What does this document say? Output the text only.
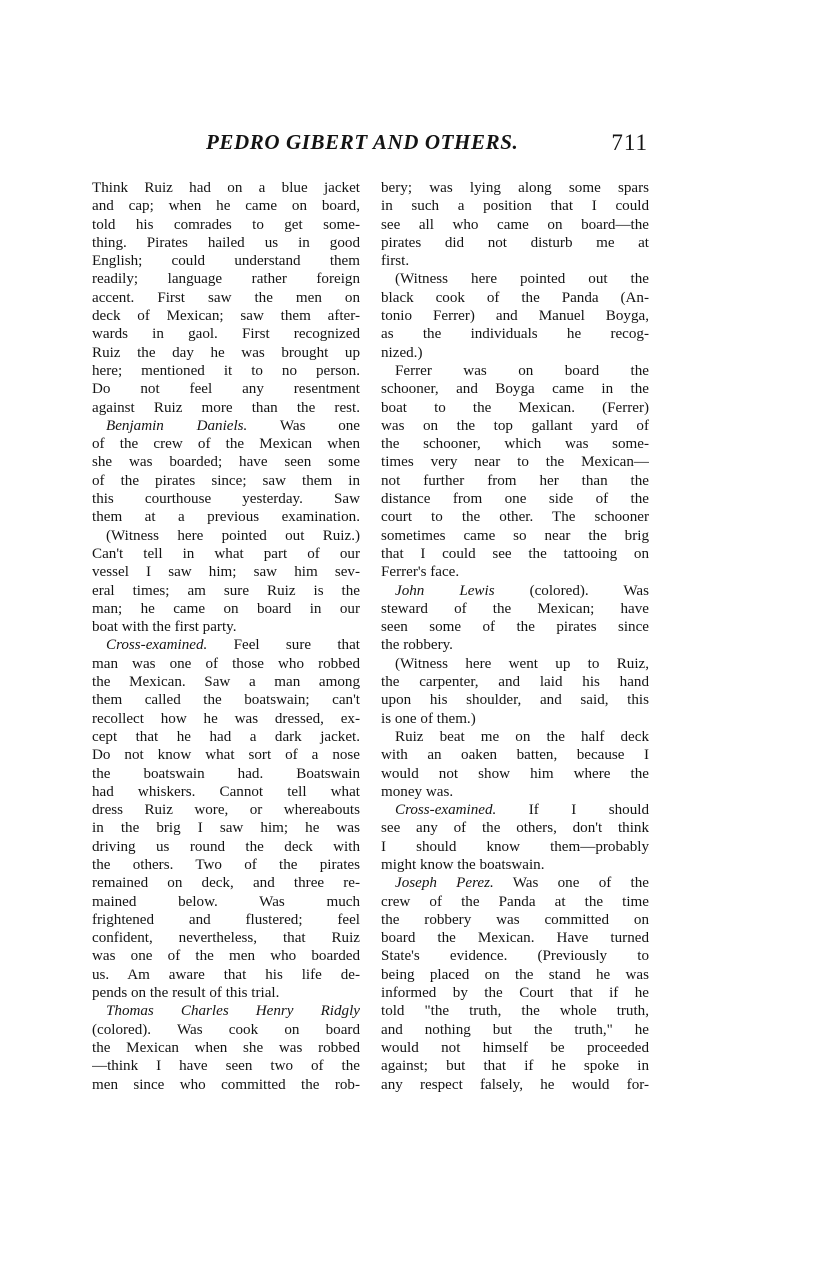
PEDRO GIBERT AND OTHERS.	711
Think Ruiz had on a blue jacket
and cap; when he came on board,
told his comrades to get some-
thing. Pirates hailed us in good
English; could understand them
readily; language rather foreign
accent. First saw the men on
deck of Mexican; saw them after-
wards in gaol. First recognized
Ruiz the day he was brought up
here; mentioned it to no person.
Do not feel any resentment
against Ruiz more than the rest.
Benjamin Daniels. Was one
of the crew of the Mexican when
she was boarded; have seen some
of the pirates since; saw them in
this courthouse yesterday. Saw
them at a previous examination.
(Witness here pointed out Ruiz.)
Can't tell in what part of our
vessel I saw him; saw him sev-
eral times; am sure Ruiz is the
man; he came on board in our
boat with the first party.
Cross-examined. Feel sure that
man was one of those who robbed
the Mexican. Saw a man among
them called the boatswain; can't
recollect how he was dressed, ex-
cept that he had a dark jacket.
Do not know what sort of a nose
the boatswain had. Boatswain
had whiskers. Cannot tell what
dress Ruiz wore, or whereabouts
in the brig I saw him; he was
driving us round the deck with
the others. Two of the pirates
remained on deck, and three re-
mained below. Was much
frightened and flustered; feel
confident, nevertheless, that Ruiz
was one of the men who boarded
us. Am aware that his life de-
pends on the result of this trial.
Thomas Charles Henry Ridgly
(colored). Was cook on board
the Mexican when she was robbed
—think I have seen two of the
men since who committed the rob-
bery; was lying along some spars
in such a position that I could
see all who came on board—the
pirates did not disturb me at
first.
(Witness here pointed out the
black cook of the Panda (An-
tonio Ferrer) and Manuel Boyga,
as the individuals he recog-
nized.)
Ferrer was on board the
schooner, and Boyga came in the
boat to the Mexican. (Ferrer)
was on the top gallant yard of
the schooner, which was some-
times very near to the Mexican—
not further from her than the
distance from one side of the
court to the other. The schooner
sometimes came so near the brig
that I could see the tattooing on
Ferrer's face.
John Lewis (colored). Was
steward of the Mexican; have
seen some of the pirates since
the robbery.
(Witness here went up to Ruiz,
the carpenter, and laid his hand
upon his shoulder, and said, this
is one of them.)
Ruiz beat me on the half deck
with an oaken batten, because I
would not show him where the
money was.
Cross-examined. If I should
see any of the others, don't think
I should know them—probably
might know the boatswain.
Joseph Perez. Was one of the
crew of the Panda at the time
the robbery was committed on
board the Mexican. Have turned
State's evidence. (Previously to
being placed on the stand he was
informed by the Court that if he
told "the truth, the whole truth,
and nothing but the truth," he
would not himself be proceeded
against; but that if he spoke in
any respect falsely, he would for-
